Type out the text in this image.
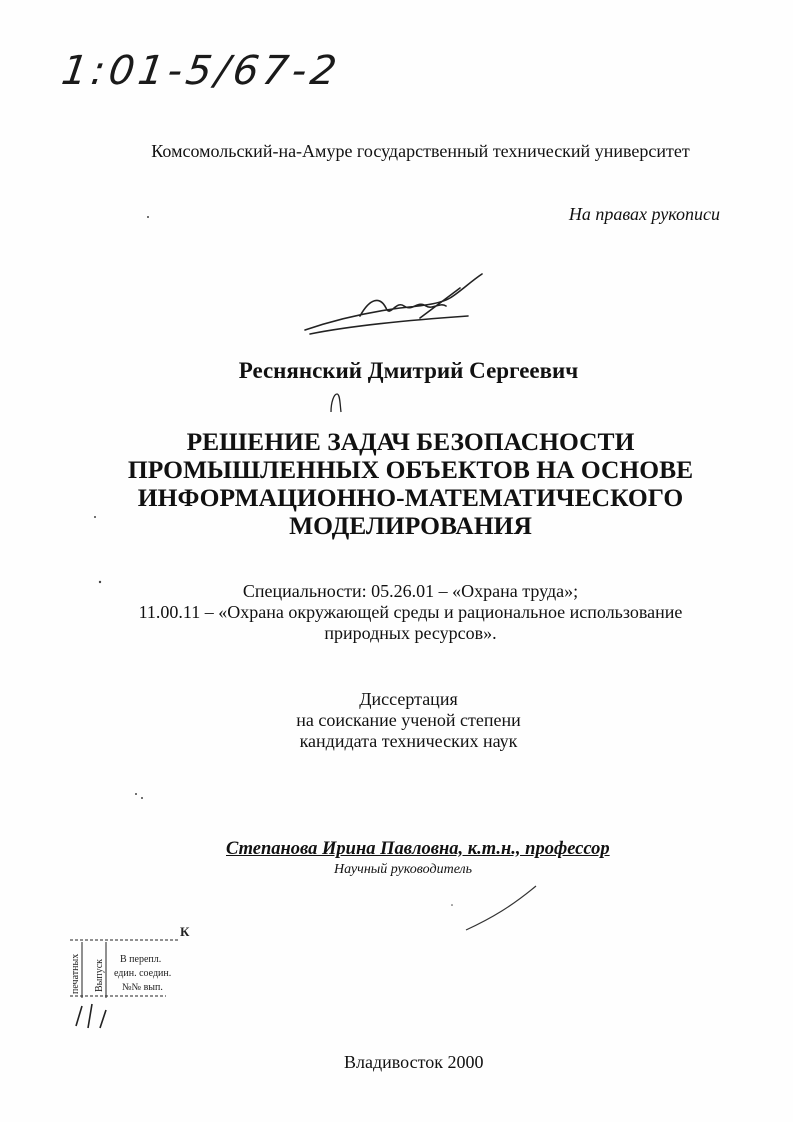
1:01-5/67-2
Комсомольский-на-Амуре государственный технический университет
На правах рукописи
Реснянский Дмитрий Сергеевич
РЕШЕНИЕ ЗАДАЧ БЕЗОПАСНОСТИ
ПРОМЫШЛЕННЫХ ОБЪЕКТОВ НА ОСНОВЕ
ИНФОРМАЦИОННО-МАТЕМАТИЧЕСКОГО
МОДЕЛИРОВАНИЯ
Специальности: 05.26.01 – «Охрана труда»;
11.00.11 – «Охрана окружающей среды и рациональное использование
природных ресурсов».
Диссертация
на соискание ученой степени
кандидата технических наук
Степанова Ирина Павловна, к.т.н., профессор
Научный руководитель
К
печатных Выпуск В перепл.
един. соедин.
№№ вып.
Владивосток 2000
